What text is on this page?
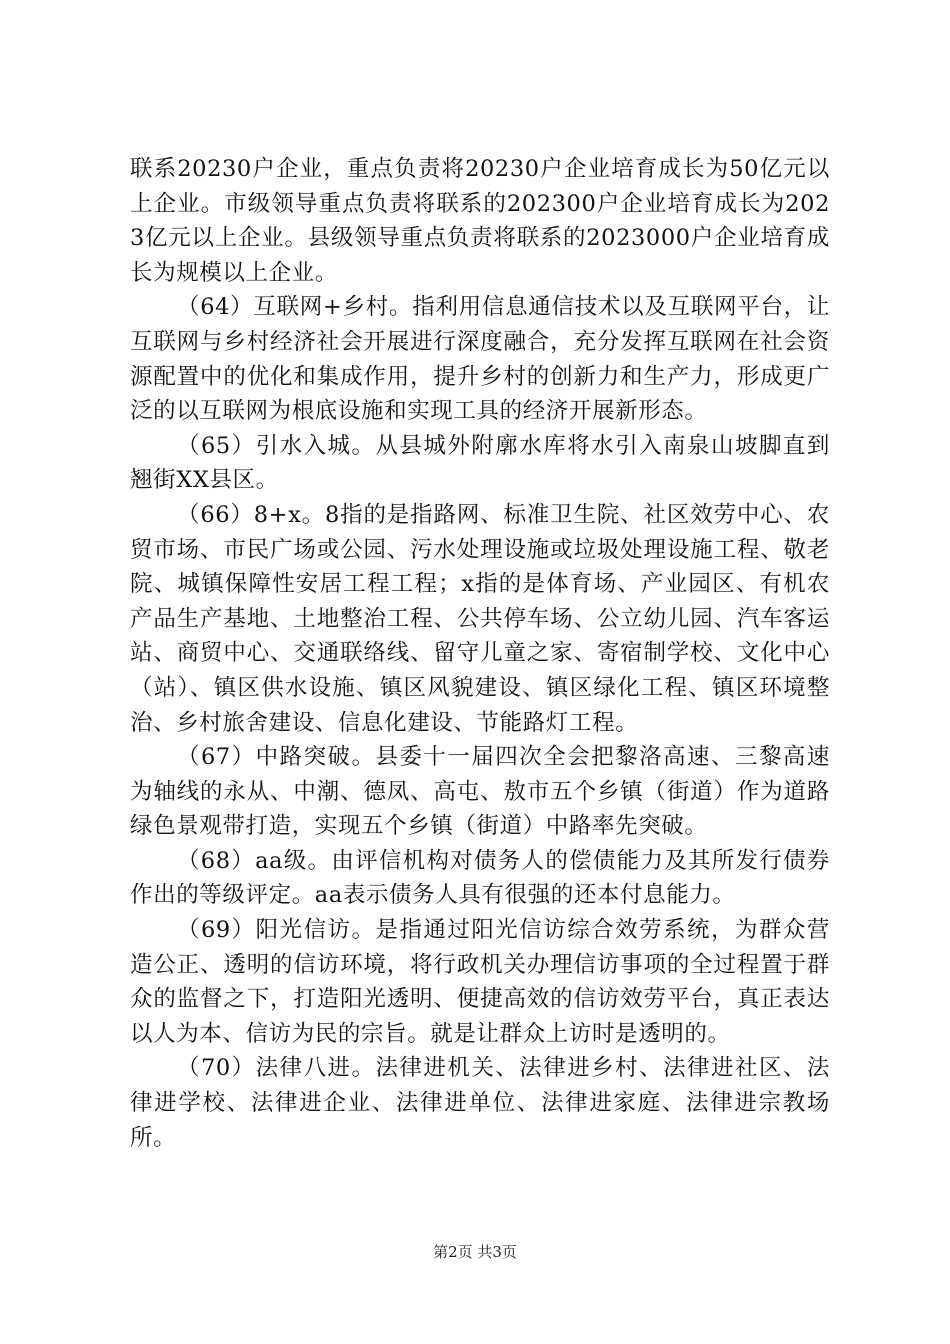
联系20230户企业，重点负责将20230户企业培育成长为50亿元以上企业。市级领导重点负责将联系的202300户企业培育成长为2023亿元以上企业。县级领导重点负责将联系的2023000户企业培育成长为规模以上企业。

（64）互联网+乡村。指利用信息通信技术以及互联网平台，让互联网与乡村经济社会开展进行深度融合，充分发挥互联网在社会资源配置中的优化和集成作用，提升乡村的创新力和生产力，形成更广泛的以互联网为根底设施和实现工具的经济开展新形态。

（65）引水入城。从县城外附廓水库将水引入南泉山坡脚直到翘街XX县区。

（66）8+x。8指的是指路网、标准卫生院、社区效劳中心、农贸市场、市民广场或公园、污水处理设施或垃圾处理设施工程、敬老院、城镇保障性安居工程工程；x指的是体育场、产业园区、有机农产品生产基地、土地整治工程、公共停车场、公立幼儿园、汽车客运站、商贸中心、交通联络线、留守儿童之家、寄宿制学校、文化中心（站）、镇区供水设施、镇区风貌建设、镇区绿化工程、镇区环境整治、乡村旅舍建设、信息化建设、节能路灯工程。

（67）中路突破。县委十一届四次全会把黎洛高速、三黎高速为轴线的永从、中潮、德凤、高屯、敖市五个乡镇（街道）作为道路绿色景观带打造，实现五个乡镇（街道）中路率先突破。

（68）aa级。由评信机构对债务人的偿债能力及其所发行债券作出的等级评定。aa表示债务人具有很强的还本付息能力。

（69）阳光信访。是指通过阳光信访综合效劳系统，为群众营造公正、透明的信访环境，将行政机关办理信访事项的全过程置于群众的监督之下，打造阳光透明、便捷高效的信访效劳平台，真正表达以人为本、信访为民的宗旨。就是让群众上访时是透明的。

（70）法律八进。法律进机关、法律进乡村、法律进社区、法律进学校、法律进企业、法律进单位、法律进家庭、法律进宗教场所。

第2页 共3页
